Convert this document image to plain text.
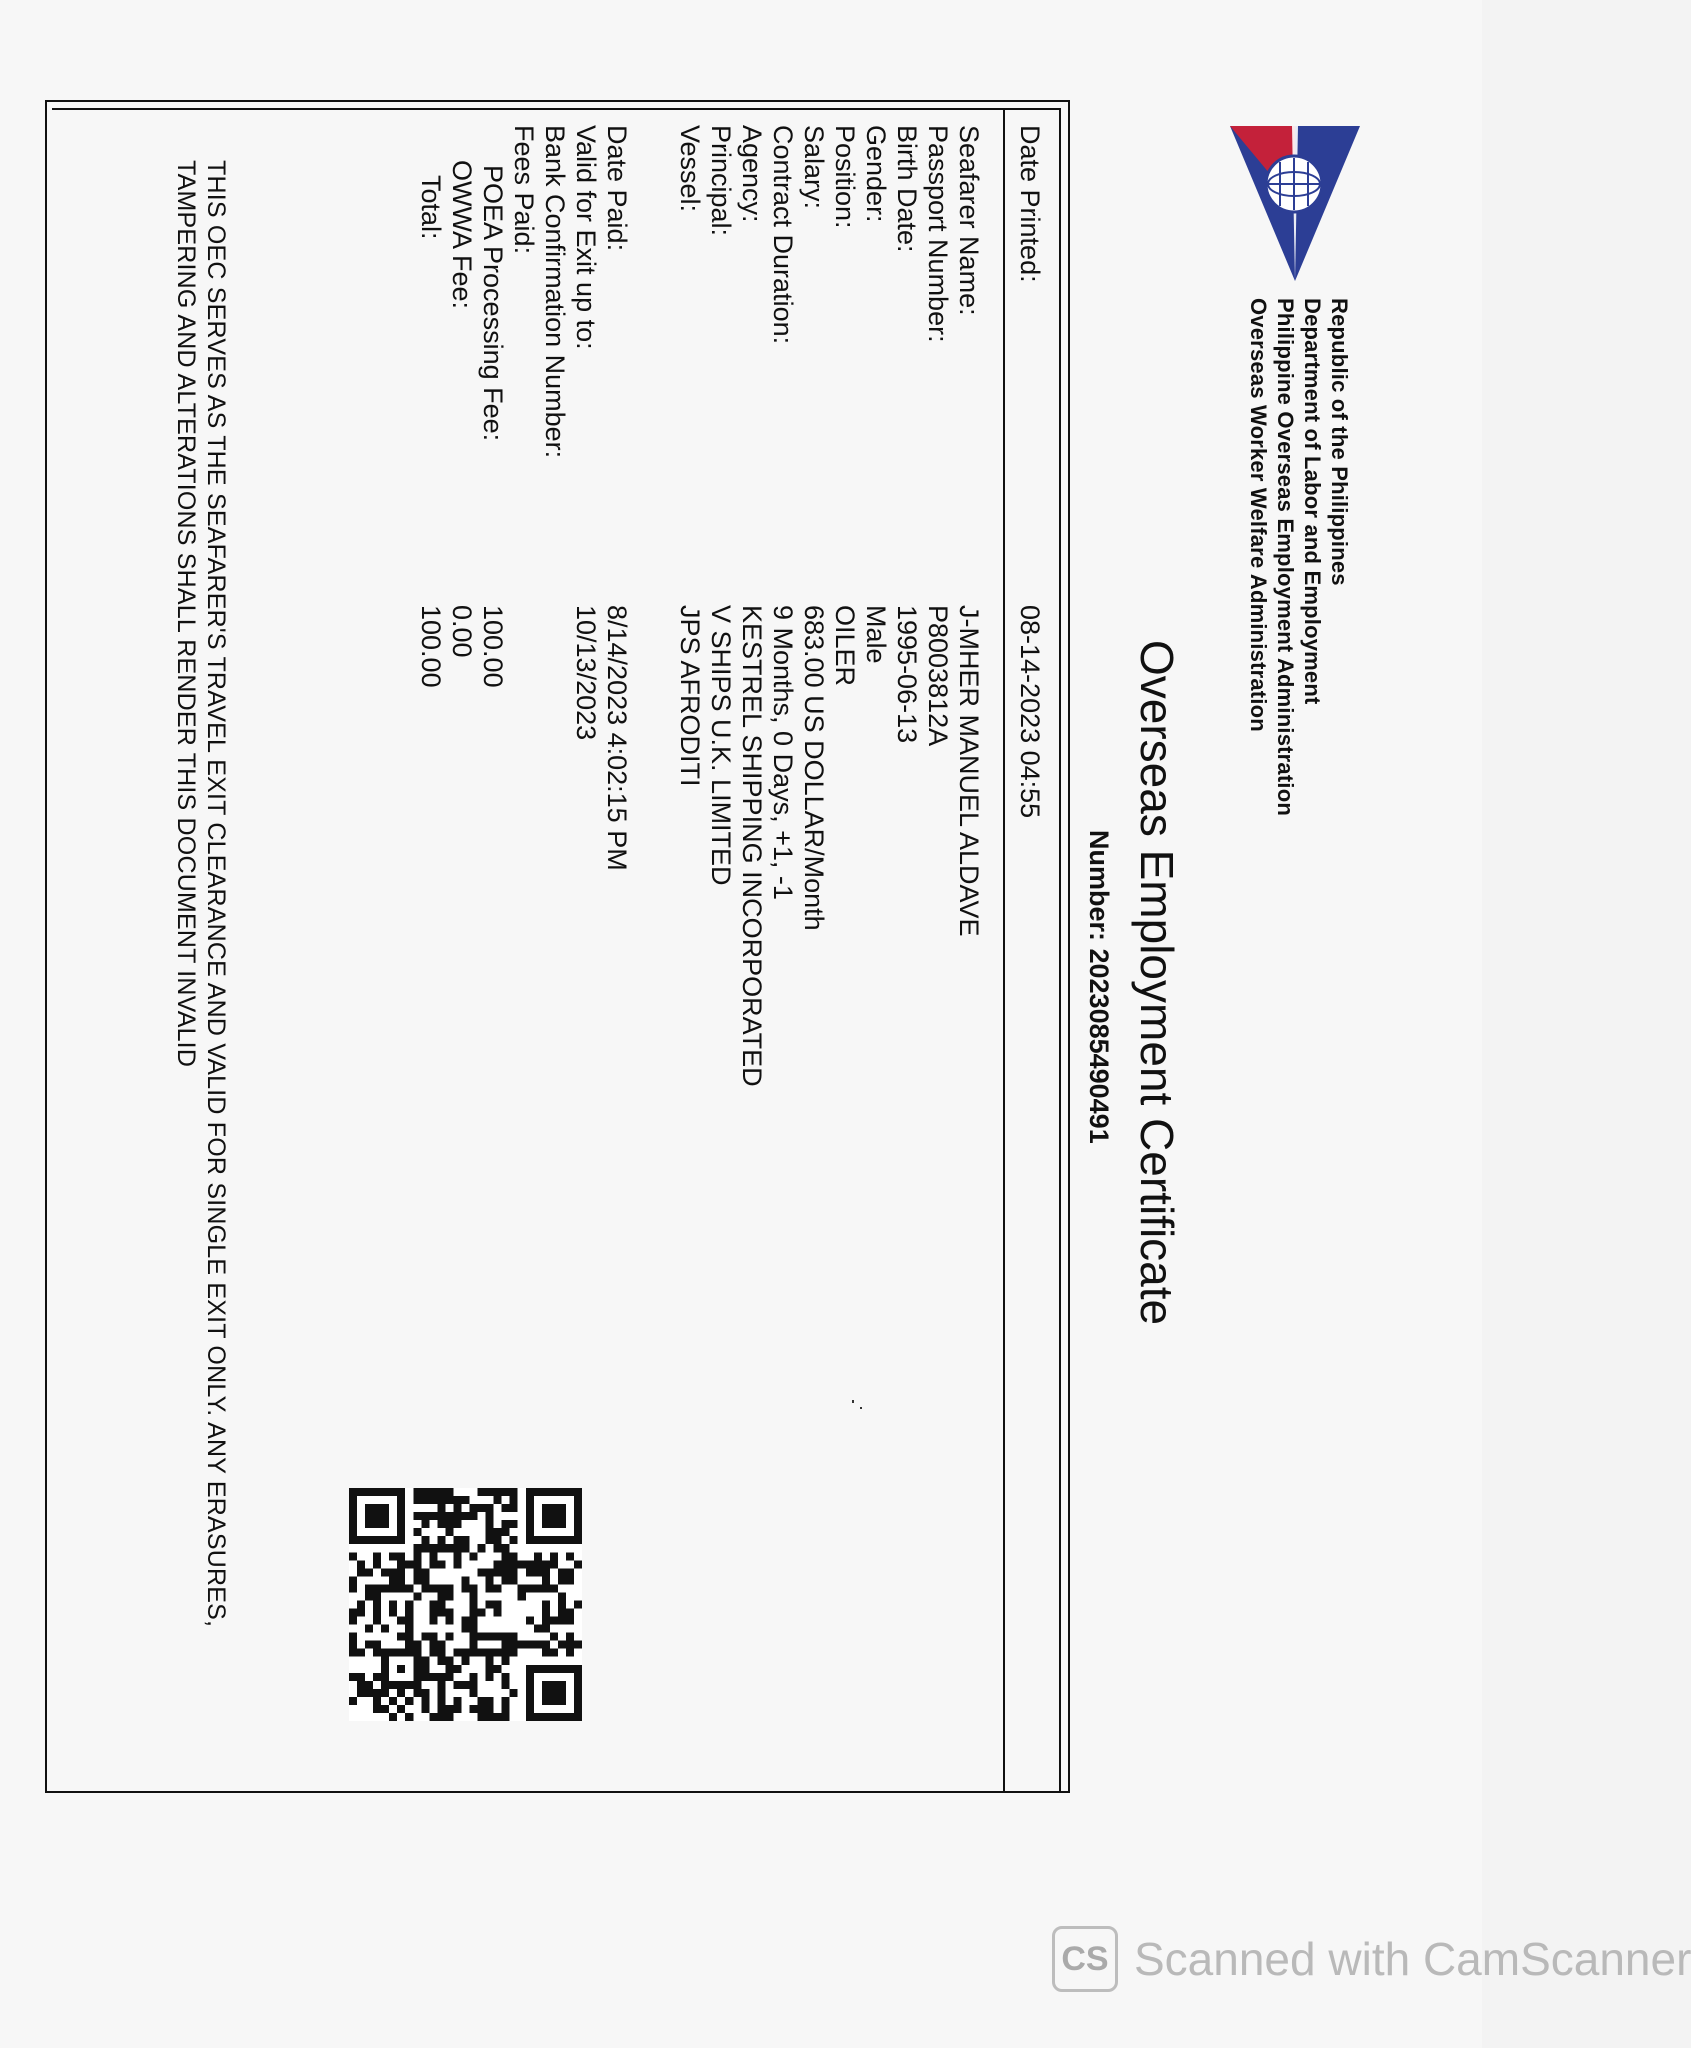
Republic of the Philippines
Department of Labor and Employment
Philippine Overseas Employment Administration
Overseas Worker Welfare Administration
Overseas Employment Certificate
Number: 20230854904​91
Date Printed:
08-14-2023 04:55
Seafarer Name:
J-MHER MANUEL ALDAVE
Passport Number:
P8003812A
Birth Date:
1995-06-13
Gender:
Male
Position:
OILER
Salary:
683.00 US DOLLAR/Month
Contract Duration:
9 Months, 0 Days, +1, -1
Agency:
KESTREL SHIPPING INCORPORATED
Principal:
V SHIPS U.K. LIMITED
Vessel:
JPS AFRODITI
Date Paid:
8/14/2023 4:02:15 PM
Valid for Exit up to:
10/13/2023
Bank Confirmation Number:
Fees Paid:
POEA Processing Fee:
100.00
OWWA Fee:
0.00
Total:
100.00
THIS OEC SERVES AS THE SEAFARER'S TRAVEL EXIT CLEARANCE AND VALID FOR SINGLE EXIT ONLY. ANY ERASURES,
TAMPERING AND ALTERATIONS SHALL RENDER THIS DOCUMENT INVALID
CS Scanned with CamScanner
